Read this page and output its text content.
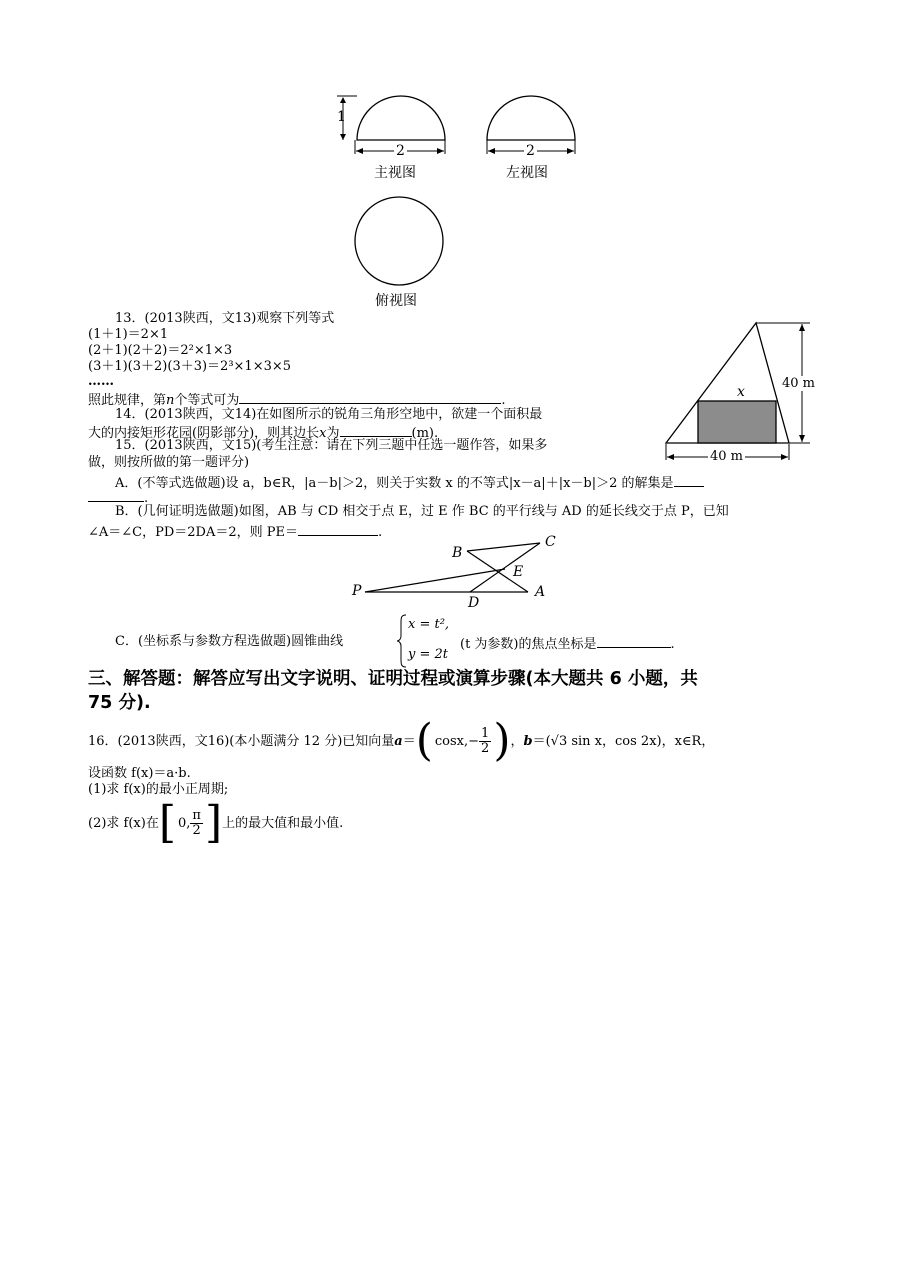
1
2	2
主视图	左视图
俯视图
13．(2013陕西，文13)观察下列等式
(1＋1)＝2×1
(2＋1)(2＋2)＝2²×1×3
(3＋1)(3＋2)(3＋3)＝2³×1×3×5
……
照此规律，第n个等式可为	.
14．(2013陕西，文14)在如图所示的锐角三角形空地中，欲建一个面积最
大的内接矩形花园(阴影部分)，则其边长x为	(m).
x
40 m
40 m
15．(2013陕西，文15)(考生注意：请在下列三题中任选一题作答，如果多
做，则按所做的第一题评分)
A．(不等式选做题)设 a，b∈R，|a－b|＞2，则关于实数 x 的不等式|x－a|＋|x－b|＞2 的解集是
.
B．(几何证明选做题)如图，AB 与 CD 相交于点 E，过 E 作 BC 的平行线与 AD 的延长线交于点 P，已知
∠A＝∠C，PD＝2DA＝2，则 PE＝	.
B
C
E
P
D
A
C．(坐标系与参数方程选做题)圆锥曲线
x = t²,
y = 2t
(t 为参数)的焦点坐标是	.
三、解答题：解答应写出文字说明、证明过程或演算步骤(本大题共 6 小题，共
75 分).
16．(2013陕西，文16)(本小题满分 12 分)已知向量 a ＝ ( $\cos x,- \frac{1}{2}$ ) ， b ＝(√3 sin x，cos 2x)，x∈R，
设函数 f(x)＝a·b.
(1)求 f(x)的最小正周期;
(2)求 f(x)在 [ 0, $\frac{\pi}{2}$ ] 上的最大值和最小值.
